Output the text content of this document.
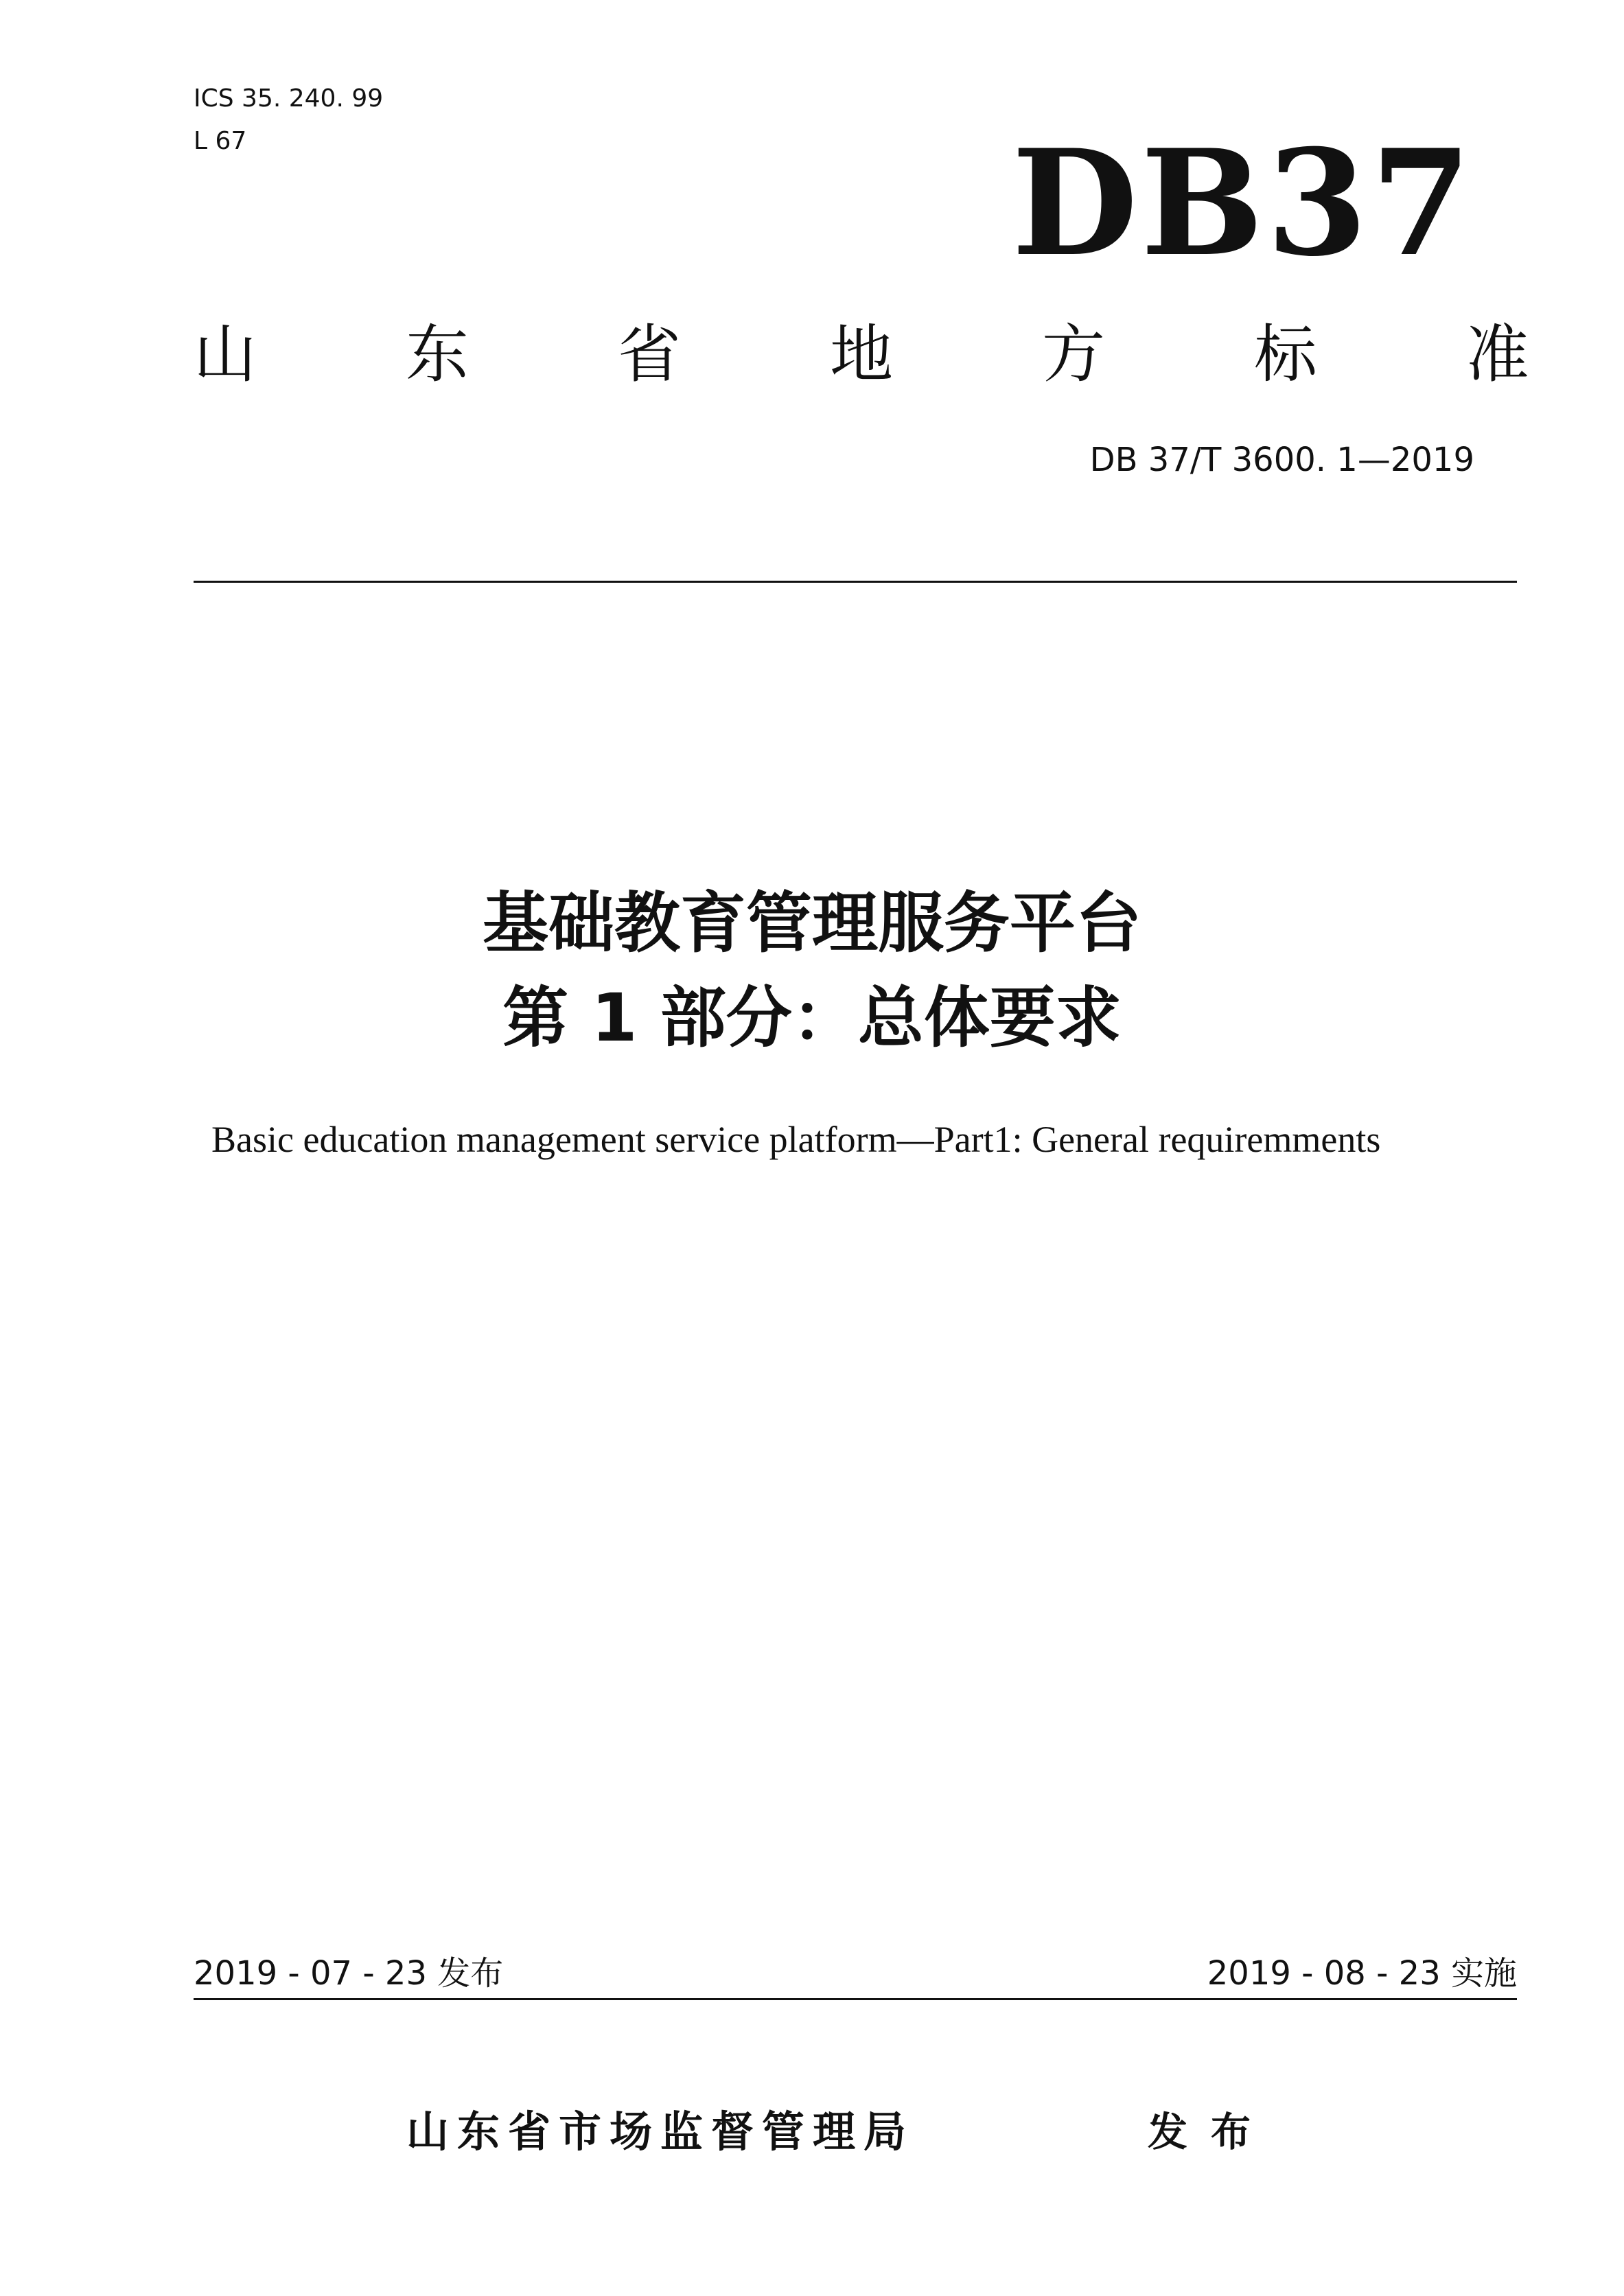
ICS 35. 240. 99
L 67	DB37
山 东 省 地 方 标 准
DB 37/T 3600. 1—2019
基础教育管理服务平台
第 1 部分：总体要求
Basic education management service platform—Part1: General requiremments
2019 - 07 - 23 发布	2019 - 08 - 23 实施
山东省市场监督管理局	发布
